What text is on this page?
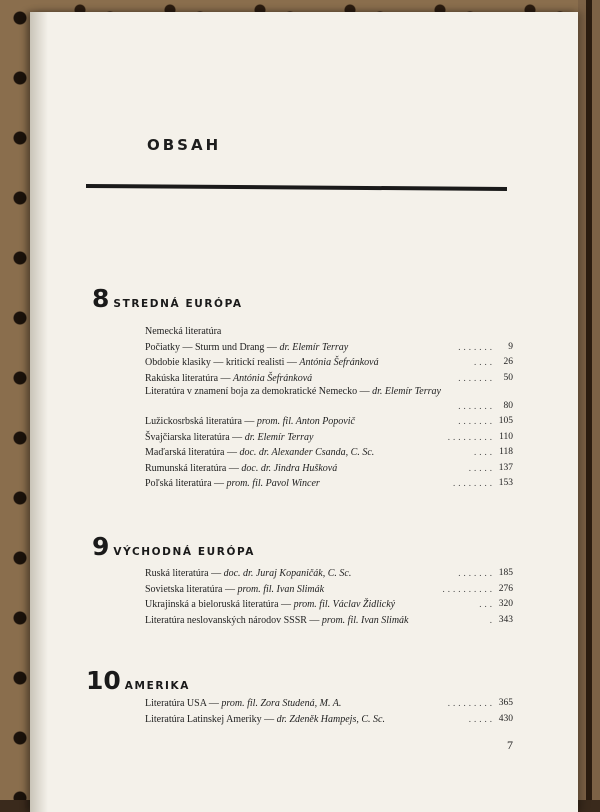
OBSAH
8 STREDNÁ EURÓPA
Nemecká literatúra
Počiatky — Sturm und Drang — dr. Elemír Terray	....... 9
Obdobie klasiky — kritickí realisti — Antónia Šefránková	.... 26
Rakúska literatúra — Antónia Šefránková	....... 50
Literatúra v znamení boja za demokratické Nemecko — dr. Elemír Terray
....... 80
Lužickosrbská literatúra — prom. fil. Anton Popovič	....... 105
Švajčiarska literatúra — dr. Elemír Terray	......... 110
Maďarská literatúra — doc. dr. Alexander Csanda, C. Sc.	.... 118
Rumunská literatúra — doc. dr. Jindra Hušková	..... 137
Poľská literatúra — prom. fil. Pavol Wincer	........ 153
9 VÝCHODNÁ EURÓPA
Ruská literatúra — doc. dr. Juraj Kopaničák, C. Sc.	....... 185
Sovietska literatúra — prom. fil. Ivan Slimák	.......... 276
Ukrajinská a bieloruská literatúra — prom. fil. Václav Židlický	... 320
Literatúra neslovanských národov SSSR — prom. fil. Ivan Slimák	. 343
10 AMERIKA
Literatúra USA — prom. fil. Zora Studená, M. A.	......... 365
Literatúra Latinskej Ameriky — dr. Zdeněk Hampejs, C. Sc.	..... 430
7
